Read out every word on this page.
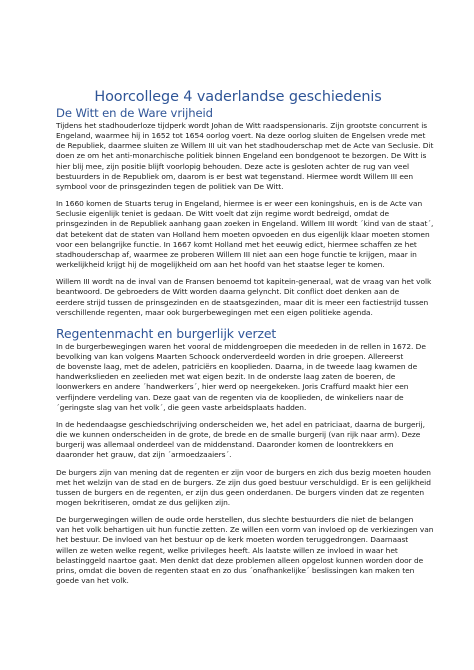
Hoorcollege 4 vaderlandse geschiedenis
De Witt en de Ware vrijheid

Tijdens het stadhouderloze tijdperk wordt Johan de Witt raadspensionaris. Zijn grootste concurrent is
Engeland, waarmee hij in 1652 tot 1654 oorlog voert. Na deze oorlog sluiten de Engelsen vrede met
de Republiek, daarmee sluiten ze Willem III uit van het stadhouderschap met de Acte van Seclusie. Dit
doen ze om het anti-monarchische politiek binnen Engeland een bondgenoot te bezorgen. De Witt is
hier blij mee, zijn positie blijft voorlopig behouden. Deze acte is gesloten achter de rug van veel
bestuurders in de Republiek om, daarom is er best wat tegenstand. Hiermee wordt Willem III een
symbool voor de prinsgezinden tegen de politiek van De Witt.

In 1660 komen de Stuarts terug in Engeland, hiermee is er weer een koningshuis, en is de Acte van
Seclusie eigenlijk teniet is gedaan. De Witt voelt dat zijn regime wordt bedreigd, omdat de
prinsgezinden in de Republiek aanhang gaan zoeken in Engeland. Willem III wordt ´kind van de staat´,
dat betekent dat de staten van Holland hem moeten opvoeden en dus eigenlijk klaar moeten stomen
voor een belangrijke functie. In 1667 komt Holland met het eeuwig edict, hiermee schaffen ze het
stadhouderschap af, waarmee ze proberen Willem III niet aan een hoge functie te krijgen, maar in
werkelijkheid krijgt hij de mogelijkheid om aan het hoofd van het staatse leger te komen.

Willem III wordt na de inval van de Fransen benoemd tot kapitein-generaal, wat de vraag van het volk
beantwoord. De gebroeders de Witt worden daarna gelyncht. Dit conflict doet denken aan de
eerdere strijd tussen de prinsgezinden en de staatsgezinden, maar dit is meer een factiestrijd tussen
verschillende regenten, maar ook burgerbewegingen met een eigen politieke agenda.

Regentenmacht en burgerlijk verzet

In de burgerbewegingen waren het vooral de middengroepen die meededen in de rellen in 1672. De
bevolking van kan volgens Maarten Schoock onderverdeeld worden in drie groepen. Allereerst
de bovenste laag, met de adelen, patriciërs en kooplieden. Daarna, in de tweede laag kwamen de
handwerkslieden en zeelieden met wat eigen bezit. In de onderste laag zaten de boeren, de
loonwerkers en andere ´handwerkers´, hier werd op neergekeken. Joris Craffurd maakt hier een
verfijndere verdeling van. Deze gaat van de regenten via de kooplieden, de winkeliers naar de
´geringste slag van het volk´, die geen vaste arbeidsplaats hadden.

In de hedendaagse geschiedschrijving onderscheiden we, het adel en patriciaat, daarna de burgerij,
die we kunnen onderscheiden in de grote, de brede en de smalle burgerij (van rijk naar arm). Deze
burgerij was allemaal onderdeel van de middenstand. Daaronder komen de loontrekkers en
daaronder het grauw, dat zijn ´armoedzaaiers´.

De burgers zijn van mening dat de regenten er zijn voor de burgers en zich dus bezig moeten houden
met het welzijn van de stad en de burgers. Ze zijn dus goed bestuur verschuldigd. Er is een gelijkheid
tussen de burgers en de regenten, er zijn dus geen onderdanen. De burgers vinden dat ze regenten
mogen bekritiseren, omdat ze dus gelijken zijn.

De burgerwegingen willen de oude orde herstellen, dus slechte bestuurders die niet de belangen
van het volk behartigen uit hun functie zetten. Ze willen een vorm van invloed op de verkiezingen van
het bestuur. De invloed van het bestuur op de kerk moeten worden teruggedrongen. Daarnaast
willen ze weten welke regent, welke privileges heeft. Als laatste willen ze invloed in waar het
belastinggeld naartoe gaat. Men denkt dat deze problemen alleen opgelost kunnen worden door de
prins, omdat die boven de regenten staat en zo dus ´onafhankelijke´ beslissingen kan maken ten
goede van het volk.
